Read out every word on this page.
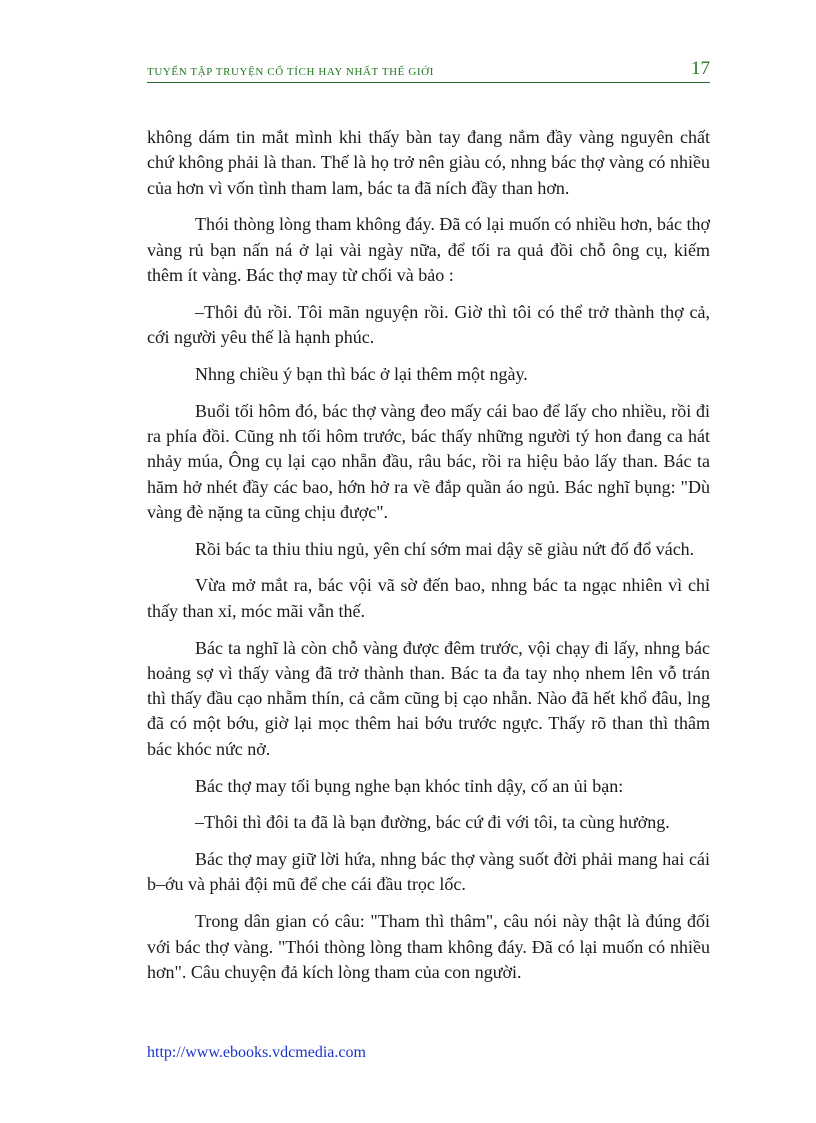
TUYỂN TẬP TRUYỆN CỔ TÍCH HAY NHẤT THẾ GIỚI	17

không dám tin mắt mình khi thấy bàn tay đang nắm đầy vàng nguyên chất chứ không phải là than. Thế là họ trở nên giàu có, nhng bác thợ vàng có nhiều của hơn vì vốn tình tham lam, bác ta đã ních đầy than hơn.

Thói thòng lòng tham không đáy. Đã có lại muốn có nhiều hơn, bác thợ vàng rủ bạn nấn ná ở lại vài ngày nữa, để tối ra quả đồi chỗ ông cụ, kiếm thêm ít vàng. Bác thợ may từ chối và bảo :

–Thôi đủ rồi. Tôi mãn nguyện rồi. Giờ thì tôi có thể trở thành thợ cả, cới người yêu thế là hạnh phúc.

Nhng chiều ý bạn thì bác ở lại thêm một ngày.

Buổi tối hôm đó, bác thợ vàng đeo mấy cái bao để lấy cho nhiều, rồi đi ra phía đồi. Cũng nh tối hôm trước, bác thấy những người tý hon đang ca hát nhảy múa, Ông cụ lại cạo nhẵn đầu, râu bác, rồi ra hiệu bảo lấy than. Bác ta hăm hở nhét đầy các bao, hớn hở ra về đắp quần áo ngủ. Bác nghĩ bụng: "Dù vàng đè nặng ta cũng chịu được".

Rồi bác ta thiu thiu ngủ, yên chí sớm mai dậy sẽ giàu nứt đố đổ vách.

Vừa mở mắt ra, bác vội vã sờ đến bao, nhng bác ta ngạc nhiên vì chỉ thấy than xỉ, móc mãi vẫn thế.

Bác ta nghĩ là còn chỗ vàng được đêm trước, vội chạy đi lấy, nhng bác hoảng sợ vì thấy vàng đã trở thành than. Bác ta đa tay nhọ nhem lên vỗ trán thì thấy đầu cạo nhẵm thín, cả cằm cũng bị cạo nhẵn. Nào đã hết khổ đâu, lng đã có một bớu, giờ lại mọc thêm hai bớu trước ngực. Thấy rõ than thì thâm bác khóc nức nở.

Bác thợ may tối bụng nghe bạn khóc tỉnh dậy, cố an ủi bạn:

–Thôi thì đôi ta đã là bạn đường, bác cứ đi với tôi, ta cùng hưởng.

Bác thợ may giữ lời hứa, nhng bác thợ vàng suốt đời phải mang hai cái b–ớu và phải đội mũ để che cái đầu trọc lốc.

Trong dân gian có câu: "Tham thì thâm", câu nói này thật là đúng đối với bác thợ vàng. "Thói thòng lòng tham không đáy. Đã có lại muốn có nhiều hơn". Câu chuyện đả kích lòng tham của con người.

http://www.ebooks.vdcmedia.com
